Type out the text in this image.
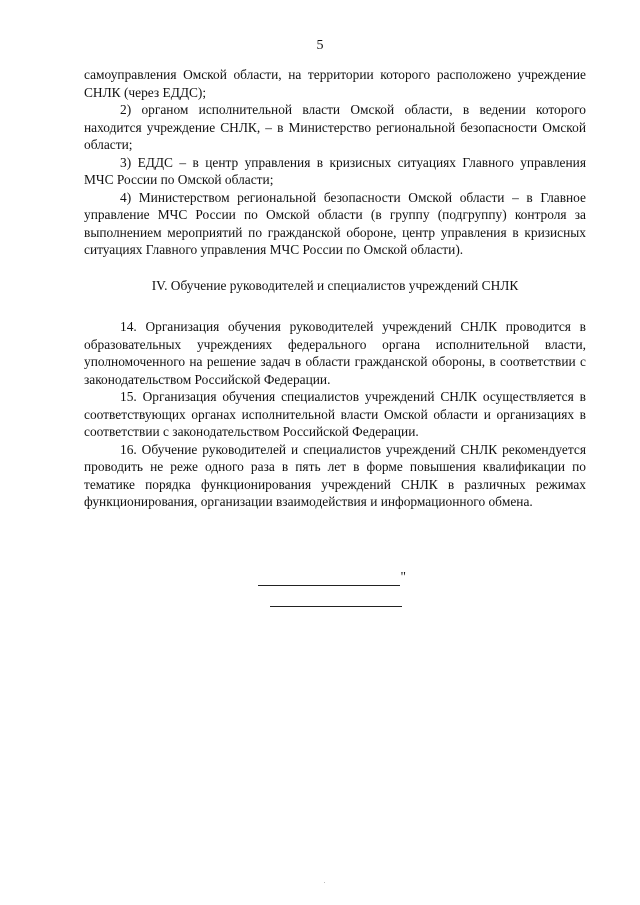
5

самоуправления Омской области, на территории которого расположено учреждение СНЛК (через ЕДДС);

2) органом исполнительной власти Омской области, в ведении которого находится учреждение СНЛК, – в Министерство региональной безопасности Омской области;

3) ЕДДС – в центр управления в кризисных ситуациях Главного управления МЧС России по Омской области;

4) Министерством региональной безопасности Омской области – в Главное управление МЧС России по Омской области (в группу (подгруппу) контроля за выполнением мероприятий по гражданской обороне, центр управления в кризисных ситуациях Главного управления МЧС России по Омской области).

IV. Обучение руководителей и специалистов учреждений СНЛК

14. Организация обучения руководителей учреждений СНЛК проводится в образовательных учреждениях федерального органа исполнительной власти, уполномоченного на решение задач в области гражданской обороны, в соответствии с законодательством Российской Федерации.

15. Организация обучения специалистов учреждений СНЛК осуществляется в соответствующих органах исполнительной власти Омской области и организациях в соответствии с законодательством Российской Федерации.

16. Обучение руководителей и специалистов учреждений СНЛК рекомендуется проводить не реже одного раза в пять лет в форме повышения квалификации по тематике порядка функционирования учреждений СНЛК в различных режимах функционирования, организации взаимодействия и информационного обмена.

"
